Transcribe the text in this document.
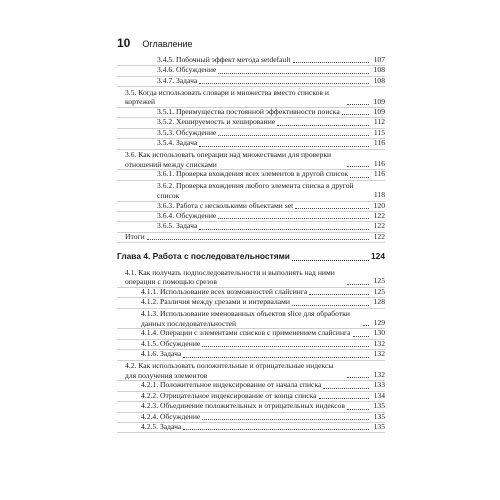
10 Оглавление
3.4.5. Побочный эффект метода setdefault	107
3.4.6. Обсуждение	108
3.4.7. Задача	108
3.5. Когда использовать словари и множества вместо списков и кортежей	109
3.5.1. Преимущества постоянной эффективности поиска	109
3.5.2. Хешируемость и хеширование	112
3.5.3. Обсуждение	115
3.5.4. Задача	116
3.6. Как использовать операции над множествами для проверки отношений между списками	116
3.6.1. Проверка вхождения всех элементов в другой список	116
3.6.2. Проверка вхождения любого элемента списка в другой список	118
3.6.3. Работа с несколькими объектами set	120
3.6.4. Обсуждение	122
3.6.5. Задача	122
Итоги	122
Глава 4. Работа с последовательностями	124
4.1. Как получать подпоследовательности и выполнять над ними операции с помощью срезов	125
4.1.1. Использование всех возможностей слайсинга	125
4.1.2. Различия между срезами и интервалами	128
4.1.3. Использование именованных объектов slice для обработки данных последовательностей	129
4.1.4. Операции с элементами списков с применением слайсинга	130
4.1.5. Обсуждение	132
4.1.6. Задача	132
4.2. Как использовать положительные и отрицательные индексы для получения элементов	132
4.2.1. Положительное индексирование от начала списка	133
4.2.2. Отрицательное индексирование от конца списка	134
4.2.3. Объединение положительных и отрицательных индексов	135
4.2.4. Обсуждение	135
4.2.5. Задача	135
